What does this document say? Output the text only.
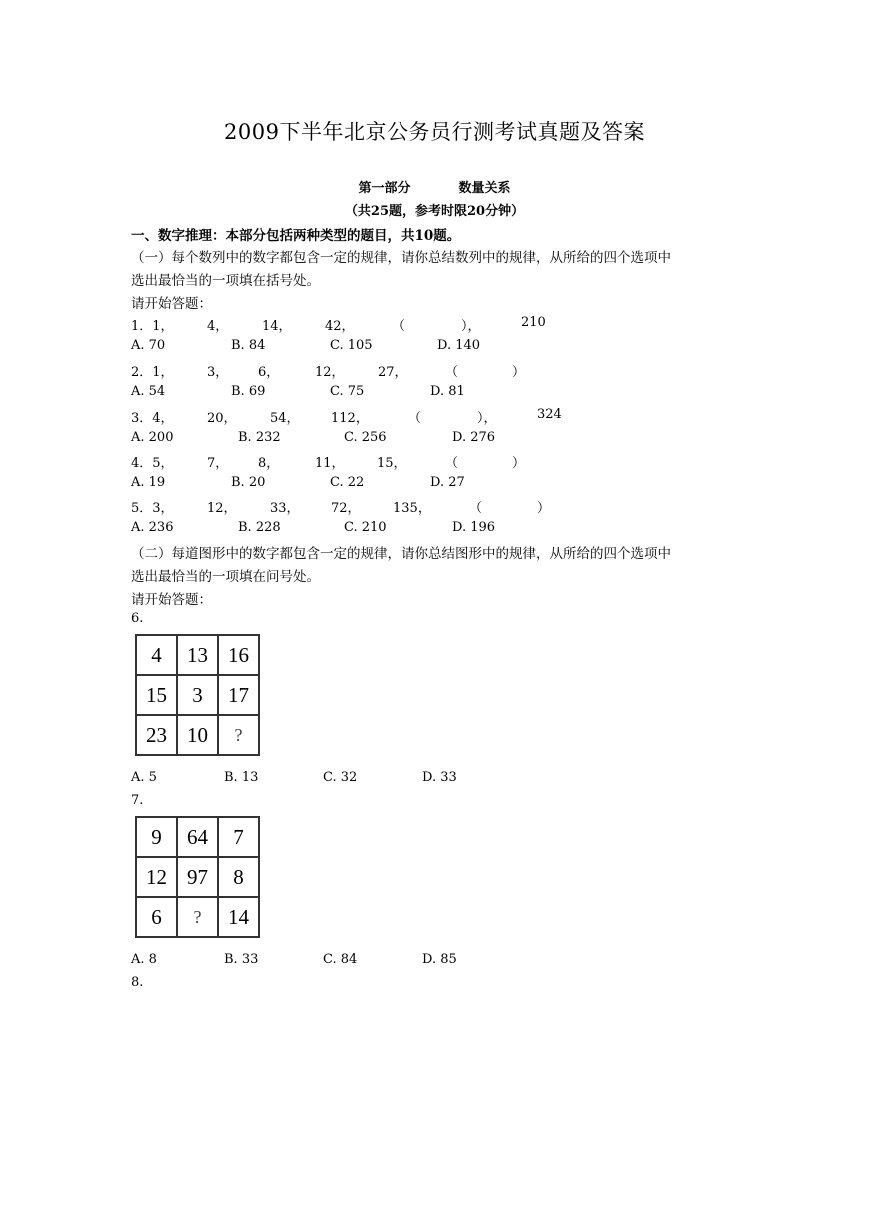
2009下半年北京公务员行测考试真题及答案
第一部分	数量关系
（共25题，参考时限20分钟）
一、数字推理：本部分包括两种类型的题目，共10题。
（一）每个数列中的数字都包含一定的规律，请你总结数列中的规律，从所给的四个选项中
选出最恰当的一项填在括号处。
请开始答题：
1．1，	4，	14，	42，	（	），	210
A. 70	B. 84	C. 105	D. 140
2．1，	3， 6，	12，	27，	（	）
A. 54	B. 69	C. 75	D. 81
3．4，	20，	54， 112，	（	），	324
A. 200	B. 232	C. 256	D. 276
4．5，	7， 8，	11， 15，	（	）
A. 19	B. 20	C. 22	D. 27
5．3，	12，	33， 72， 135，	（	）
A. 236	B. 228	C. 210	D. 196
（二）每道图形中的数字都包含一定的规律，请你总结图形中的规律，从所给的四个选项中
选出最恰当的一项填在问号处。
请开始答题：
6.
4	13	16
15	3	17
23	10	?
A. 5	B. 13	C. 32	D. 33
7.
9	64	7
12	97	8
6	?	14
A. 8	B. 33	C. 84	D. 85
8.
